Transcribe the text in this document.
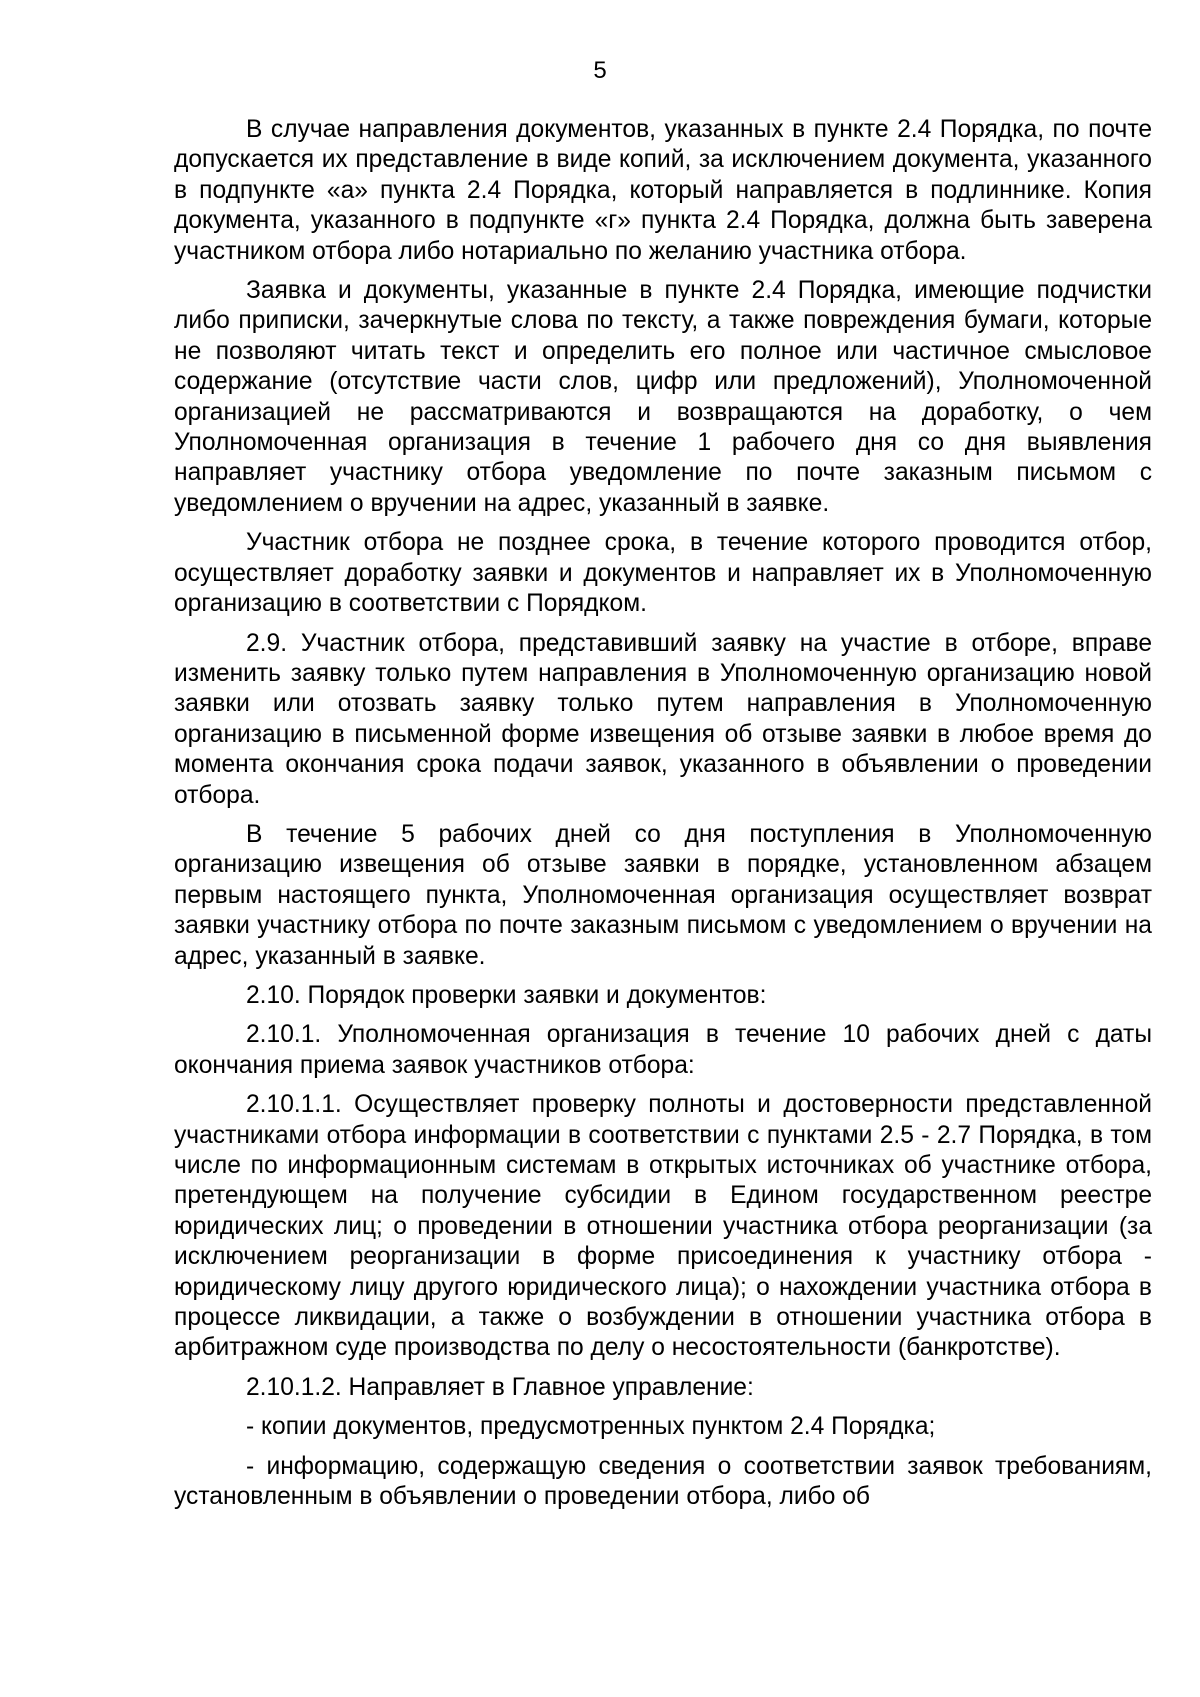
5

В случае направления документов, указанных в пункте 2.4 Порядка, по почте допускается их представление в виде копий, за исключением документа, указанного в подпункте «а» пункта 2.4 Порядка, который направляется в подлиннике. Копия документа, указанного в подпункте «г» пункта 2.4 Порядка, должна быть заверена участником отбора либо нотариально по желанию участника отбора.

Заявка и документы, указанные в пункте 2.4 Порядка, имеющие подчистки либо приписки, зачеркнутые слова по тексту, а также повреждения бумаги, которые не позволяют читать текст и определить его полное или частичное смысловое содержание (отсутствие части слов, цифр или предложений), Уполномоченной организацией не рассматриваются и возвращаются на доработку, о чем Уполномоченная организация в течение 1 рабочего дня со дня выявления направляет участнику отбора уведомление по почте заказным письмом с уведомлением о вручении на адрес, указанный в заявке.

Участник отбора не позднее срока, в течение которого проводится отбор, осуществляет доработку заявки и документов и направляет их в Уполномоченную организацию в соответствии с Порядком.

2.9. Участник отбора, представивший заявку на участие в отборе, вправе изменить заявку только путем направления в Уполномоченную организацию новой заявки или отозвать заявку только путем направления в Уполномоченную организацию в письменной форме извещения об отзыве заявки в любое время до момента окончания срока подачи заявок, указанного в объявлении о проведении отбора.

В течение 5 рабочих дней со дня поступления в Уполномоченную организацию извещения об отзыве заявки в порядке, установленном абзацем первым настоящего пункта, Уполномоченная организация осуществляет возврат заявки участнику отбора по почте заказным письмом с уведомлением о вручении на адрес, указанный в заявке.

2.10. Порядок проверки заявки и документов:

2.10.1. Уполномоченная организация в течение 10 рабочих дней с даты окончания приема заявок участников отбора:

2.10.1.1. Осуществляет проверку полноты и достоверности представленной участниками отбора информации в соответствии с пунктами 2.5 - 2.7 Порядка, в том числе по информационным системам в открытых источниках об участнике отбора, претендующем на получение субсидии в Едином государственном реестре юридических лиц; о проведении в отношении участника отбора реорганизации (за исключением реорганизации в форме присоединения к участнику отбора - юридическому лицу другого юридического лица); о нахождении участника отбора в процессе ликвидации, а также о возбуждении в отношении участника отбора в арбитражном суде производства по делу о несостоятельности (банкротстве).

2.10.1.2. Направляет в Главное управление:

- копии документов, предусмотренных пунктом 2.4 Порядка;

- информацию, содержащую сведения о соответствии заявок требованиям, установленным в объявлении о проведении отбора, либо об
